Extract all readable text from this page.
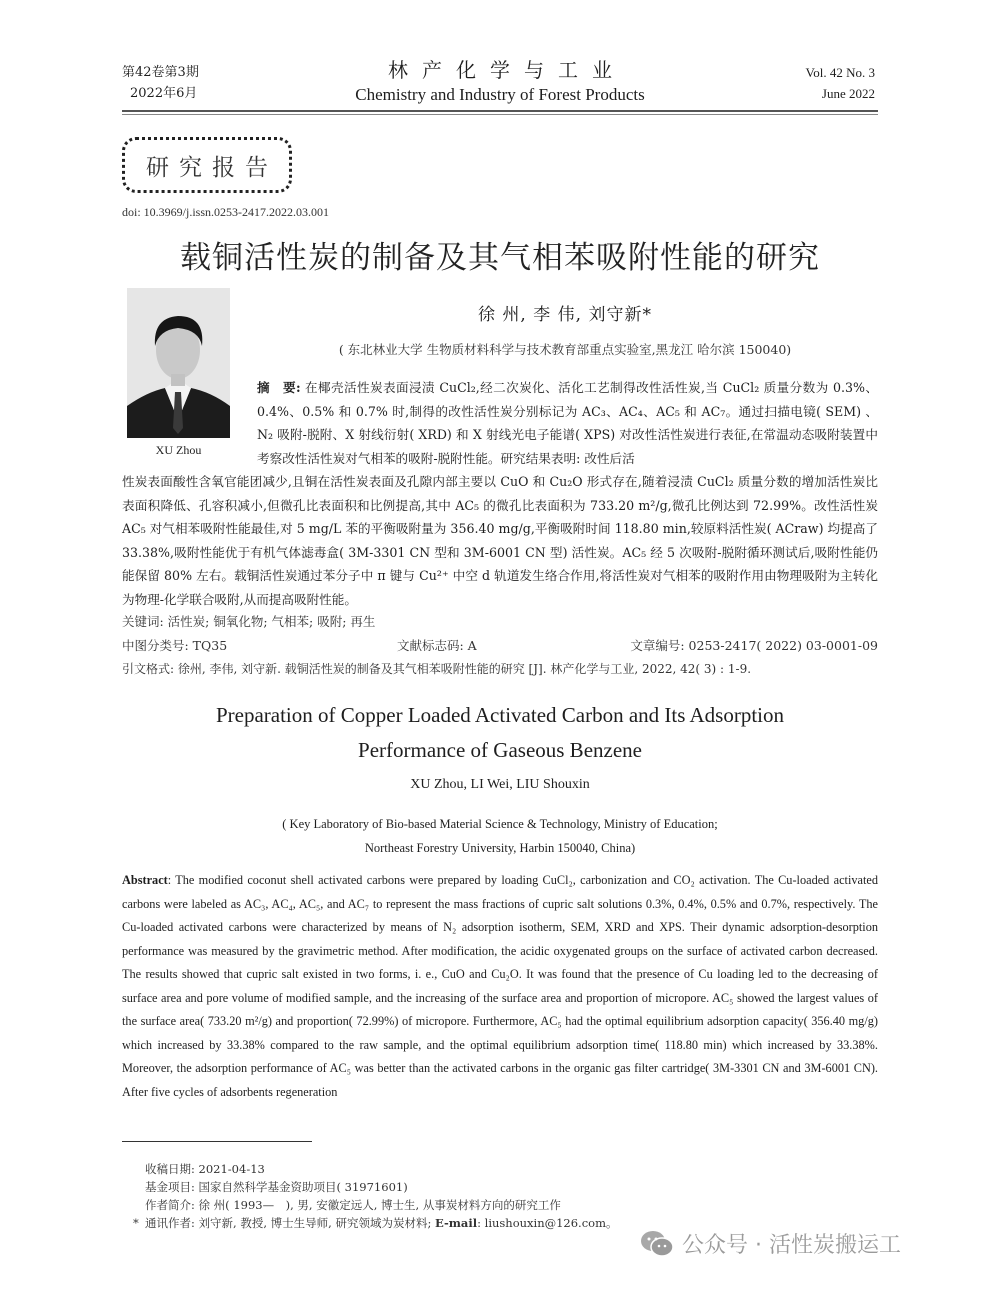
第42卷第3期
2022年6月
林产化学与工业
Chemistry and Industry of Forest Products
Vol. 42 No. 3
June 2022
研究报告
doi: 10.3969/j.issn.0253-2417.2022.03.001
载铜活性炭的制备及其气相苯吸附性能的研究
XU Zhou
徐 州, 李 伟, 刘守新*
( 东北林业大学 生物质材料科学与技术教育部重点实验室,黑龙江 哈尔滨 150040)
摘　要: 在椰壳活性炭表面浸渍 CuCl₂,经二次炭化、活化工艺制得改性活性炭,当 CuCl₂ 质量分数为 0.3%、0.4%、0.5% 和 0.7% 时,制得的改性活性炭分别标记为 AC₃、AC₄、AC₅ 和 AC₇。通过扫描电镜( SEM) 、N₂ 吸附-脱附、X 射线衍射( XRD) 和 X 射线光电子能谱( XPS) 对改性活性炭进行表征,在常温动态吸附装置中考察改性活性炭对气相苯的吸附-脱附性能。研究结果表明: 改性后活
性炭表面酸性含氧官能团减少,且铜在活性炭表面及孔隙内部主要以 CuO 和 Cu₂O 形式存在,随着浸渍 CuCl₂ 质量分数的增加活性炭比表面积降低、孔容积减小,但微孔比表面积和比例提高,其中 AC₅ 的微孔比表面积为 733.20 m²/g,微孔比例达到 72.99%。改性活性炭 AC₅ 对气相苯吸附性能最佳,对 5 mg/L 苯的平衡吸附量为 356.40 mg/g,平衡吸附时间 118.80 min,较原料活性炭( ACraw) 均提高了 33.38%,吸附性能优于有机气体滤毒盒( 3M-3301 CN 型和 3M-6001 CN 型) 活性炭。AC₅ 经 5 次吸附-脱附循环测试后,吸附性能仍能保留 80% 左右。载铜活性炭通过苯分子中 π 键与 Cu²⁺ 中空 d 轨道发生络合作用,将活性炭对气相苯的吸附作用由物理吸附为主转化为物理-化学联合吸附,从而提高吸附性能。
关键词: 活性炭; 铜氧化物; 气相苯; 吸附; 再生
中图分类号: TQ35	文献标志码: A	文章编号: 0253-2417( 2022) 03-0001-09
引文格式: 徐州, 李伟, 刘守新. 载铜活性炭的制备及其气相苯吸附性能的研究 [J]. 林产化学与工业, 2022, 42( 3) : 1-9.
Preparation of Copper Loaded Activated Carbon and Its Adsorption
Performance of Gaseous Benzene
XU Zhou, LI Wei, LIU Shouxin
( Key Laboratory of Bio-based Material Science & Technology, Ministry of Education;
Northeast Forestry University, Harbin 150040, China)
Abstract: The modified coconut shell activated carbons were prepared by loading CuCl₂, carbonization and CO₂ activation. The Cu-loaded activated carbons were labeled as AC₃, AC₄, AC₅, and AC₇ to represent the mass fractions of cupric salt solutions 0.3%, 0.4%, 0.5% and 0.7%, respectively. The Cu-loaded activated carbons were characterized by means of N₂ adsorption isotherm, SEM, XRD and XPS. Their dynamic adsorption-desorption performance was measured by the gravimetric method. After modification, the acidic oxygenated groups on the surface of activated carbon decreased. The results showed that cupric salt existed in two forms, i. e., CuO and Cu₂O. It was found that the presence of Cu loading led to the decreasing of surface area and pore volume of modified sample, and the increasing of the surface area and proportion of micropore. AC₅ showed the largest values of the surface area( 733.20 m²/g) and proportion( 72.99%) of micropore. Furthermore, AC₅ had the optimal equilibrium adsorption capacity( 356.40 mg/g) which increased by 33.38% compared to the raw sample, and the optimal equilibrium adsorption time( 118.80 min) which increased by 33.38%. Moreover, the adsorption performance of AC₅ was better than the activated carbons in the organic gas filter cartridge( 3M-3301 CN and 3M-6001 CN). After five cycles of adsorbents regeneration
收稿日期: 2021-04-13
基金项目: 国家自然科学基金资助项目( 31971601)
作者简介: 徐 州( 1993—　), 男, 安徽定远人, 博士生, 从事炭材料方向的研究工作
* 通讯作者: 刘守新, 教授, 博士生导师, 研究领域为炭材料; E-mail: liushouxin@126.com。
公众号 · 活性炭搬运工
